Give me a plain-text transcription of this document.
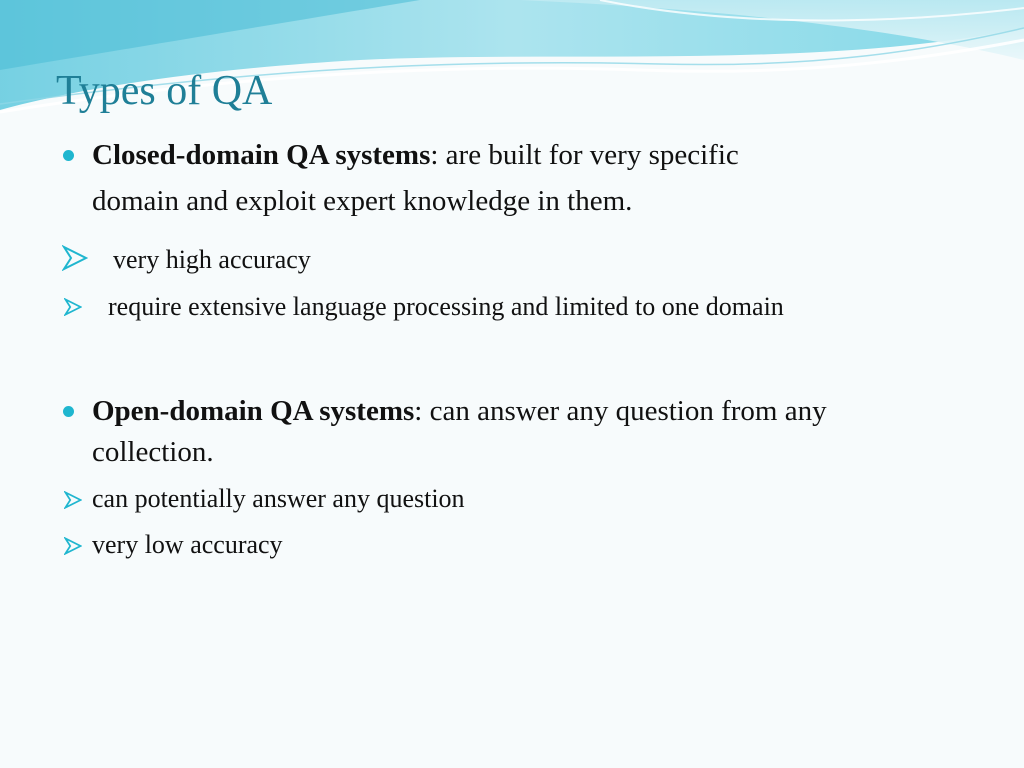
Types of QA
Closed-domain QA systems: are built for very specific
domain and exploit expert knowledge in them.
very high accuracy
require extensive language processing and limited to one domain
Open-domain QA systems: can answer any question from any
collection.
can potentially answer any question
very low accuracy
